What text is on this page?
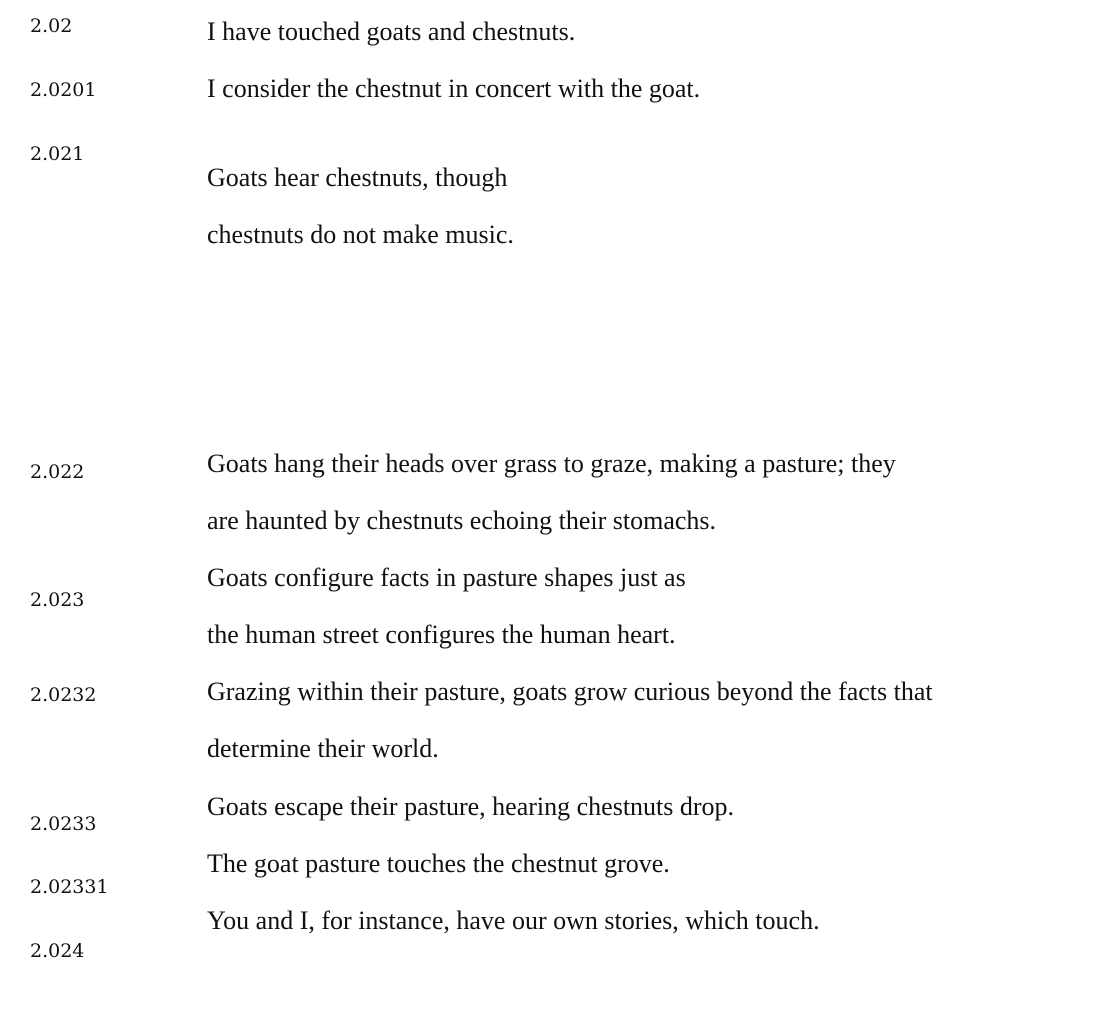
2.02
2.0201
2.021
2.022
2.023
2.0232
2.0233
2.02331
2.024
I have touched goats and chestnuts.
I consider the chestnut in concert with the goat.
Goats hear chestnuts, though
chestnuts do not make music.
Goats hang their heads over grass to graze, making a pasture; they
are haunted by chestnuts echoing their stomachs.
Goats configure facts in pasture shapes just as
the human street configures the human heart.
Grazing within their pasture, goats grow curious beyond the facts that
determine their world.
Goats escape their pasture, hearing chestnuts drop.
The goat pasture touches the chestnut grove.
You and I, for instance, have our own stories, which touch.
